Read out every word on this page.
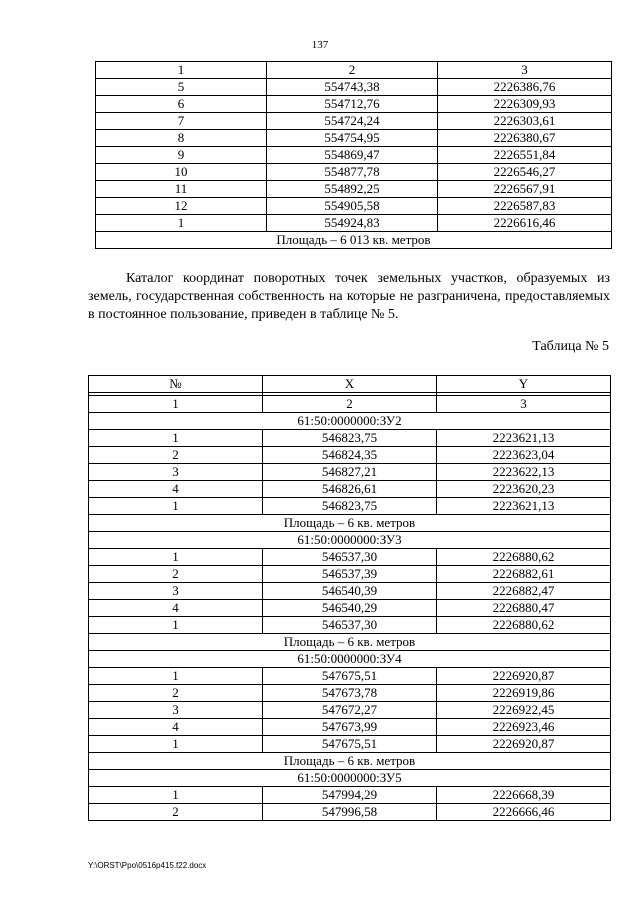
137
1	2	3
5	554743,38	2226386,76
6	554712,76	2226309,93
7	554724,24	2226303,61
8	554754,95	2226380,67
9	554869,47	2226551,84
10	554877,78	2226546,27
11	554892,25	2226567,91
12	554905,58	2226587,83
1	554924,83	2226616,46
Площадь – 6 013 кв. метров		
Каталог координат поворотных точек земельных участков, образуемых из земель, государственная собственность на которые не разграничена, предоставляемых в постоянное пользование, приведен в таблице № 5.
Таблица № 5
№	X	Y

1	2	3
61:50:0000000:ЗУ2		
1	546823,75	2223621,13
2	546824,35	2223623,04
3	546827,21	2223622,13
4	546826,61	2223620,23
1	546823,75	2223621,13
Площадь – 6 кв. метров		
61:50:0000000:ЗУ3		
1	546537,30	2226880,62
2	546537,39	2226882,61
3	546540,39	2226882,47
4	546540,29	2226880,47
1	546537,30	2226880,62
Площадь – 6 кв. метров		
61:50:0000000:ЗУ4		
1	547675,51	2226920,87
2	547673,78	2226919,86
3	547672,27	2226922,45
4	547673,99	2226923,46
1	547675,51	2226920,87
Площадь – 6 кв. метров		
61:50:0000000:ЗУ5		
1	547994,29	2226668,39
2	547996,58	2226666,46
Y:\ORST\Ppo\0516p415.f22.docx
